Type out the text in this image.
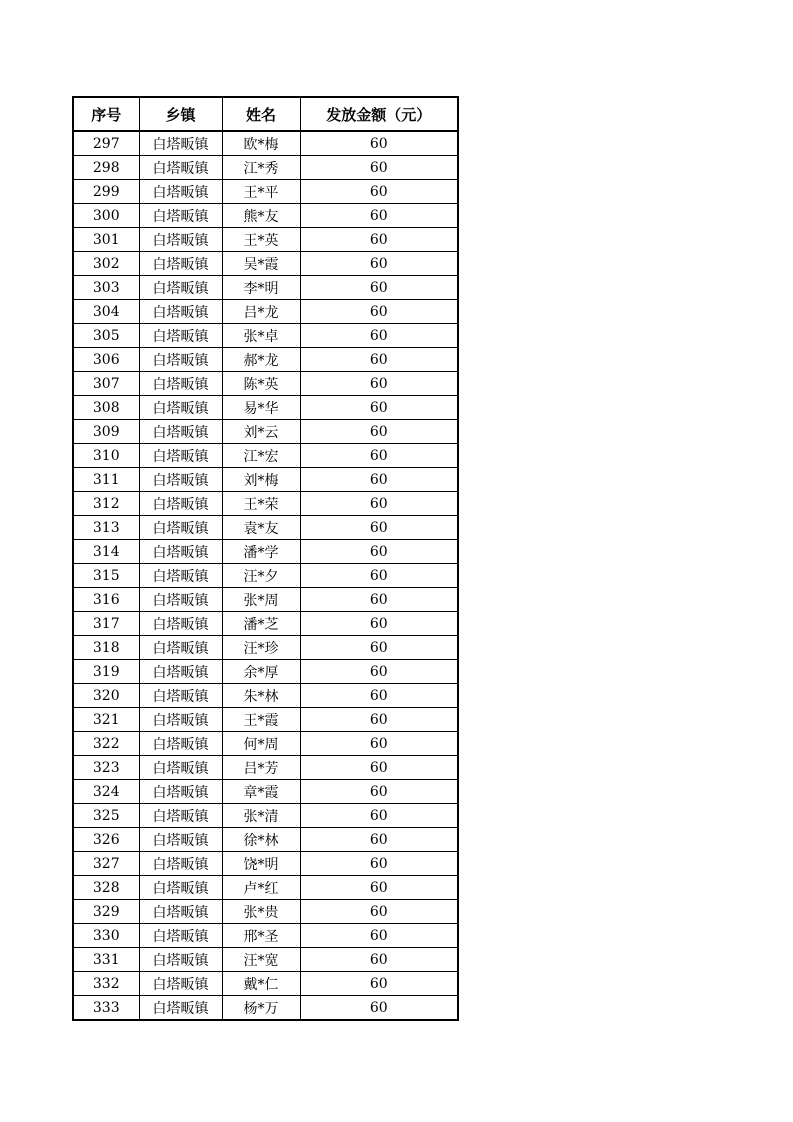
序号	乡镇	姓名	发放金额（元）
297	白塔畈镇	欧*梅	60
298	白塔畈镇	江*秀	60
299	白塔畈镇	王*平	60
300	白塔畈镇	熊*友	60
301	白塔畈镇	王*英	60
302	白塔畈镇	吴*霞	60
303	白塔畈镇	李*明	60
304	白塔畈镇	吕*龙	60
305	白塔畈镇	张*卓	60
306	白塔畈镇	郝*龙	60
307	白塔畈镇	陈*英	60
308	白塔畈镇	易*华	60
309	白塔畈镇	刘*云	60
310	白塔畈镇	江*宏	60
311	白塔畈镇	刘*梅	60
312	白塔畈镇	王*荣	60
313	白塔畈镇	袁*友	60
314	白塔畈镇	潘*学	60
315	白塔畈镇	汪*夕	60
316	白塔畈镇	张*周	60
317	白塔畈镇	潘*芝	60
318	白塔畈镇	汪*珍	60
319	白塔畈镇	余*厚	60
320	白塔畈镇	朱*林	60
321	白塔畈镇	王*霞	60
322	白塔畈镇	何*周	60
323	白塔畈镇	吕*芳	60
324	白塔畈镇	章*霞	60
325	白塔畈镇	张*清	60
326	白塔畈镇	徐*林	60
327	白塔畈镇	饶*明	60
328	白塔畈镇	卢*红	60
329	白塔畈镇	张*贵	60
330	白塔畈镇	邢*圣	60
331	白塔畈镇	汪*宽	60
332	白塔畈镇	戴*仁	60
333	白塔畈镇	杨*万	60
